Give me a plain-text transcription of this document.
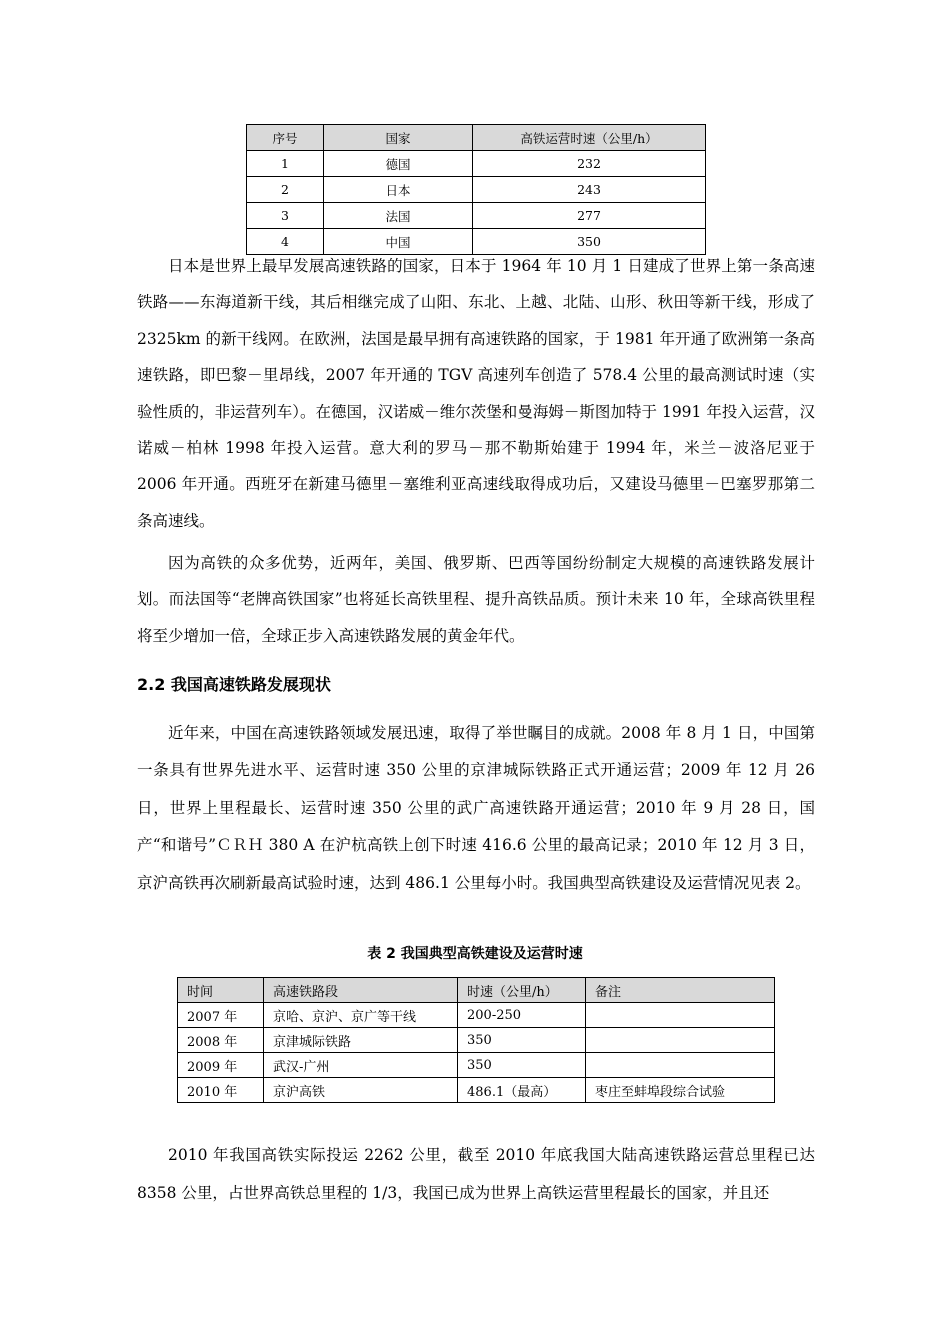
序号	国家	高铁运营时速（公里/h）
1	德国	232
2	日本	243
3	法国	277
4	中国	350

日本是世界上最早发展高速铁路的国家，日本于 1964 年 10 月 1 日建成了世界上第一条高速铁路——东海道新干线，其后相继完成了山阳、东北、上越、北陆、山形、秋田等新干线，形成了 2325km 的新干线网。在欧洲，法国是最早拥有高速铁路的国家，于 1981 年开通了欧洲第一条高速铁路，即巴黎－里昂线，2007 年开通的 TGV 高速列车创造了 578.4 公里的最高测试时速（实验性质的，非运营列车）。在德国，汉诺威－维尔茨堡和曼海姆－斯图加特于 1991 年投入运营，汉诺威－柏林 1998 年投入运营。意大利的罗马－那不勒斯始建于 1994 年，米兰－波洛尼亚于 2006 年开通。西班牙在新建马德里－塞维利亚高速线取得成功后，又建设马德里－巴塞罗那第二条高速线。

因为高铁的众多优势，近两年，美国、俄罗斯、巴西等国纷纷制定大规模的高速铁路发展计划。而法国等“老牌高铁国家”也将延长高铁里程、提升高铁品质。预计未来 10 年，全球高铁里程将至少增加一倍，全球正步入高速铁路发展的黄金年代。

2.2 我国高速铁路发展现状

近年来，中国在高速铁路领域发展迅速，取得了举世瞩目的成就。2008 年 8 月 1 日，中国第一条具有世界先进水平、运营时速 350 公里的京津城际铁路正式开通运营；2009 年 12 月 26 日，世界上里程最长、运营时速 350 公里的武广高速铁路开通运营；2010 年 9 月 28 日，国产“和谐号”ＣＲＨ 380 A 在沪杭高铁上创下时速 416.6 公里的最高记录；2010 年 12 月 3 日，京沪高铁再次刷新最高试验时速，达到 486.1 公里每小时。我国典型高铁建设及运营情况见表 2。

表 2 我国典型高铁建设及运营时速

时间	高速铁路段	时速（公里/h）	备注
2007 年	京哈、京沪、京广等干线	200-250	
2008 年	京津城际铁路	350	
2009 年	武汉-广州	350	
2010 年	京沪高铁	486.1（最高）	枣庄至蚌埠段综合试验

2010 年我国高铁实际投运 2262 公里，截至 2010 年底我国大陆高速铁路运营总里程已达 8358 公里，占世界高铁总里程的 1/3，我国已成为世界上高铁运营里程最长的国家，并且还
